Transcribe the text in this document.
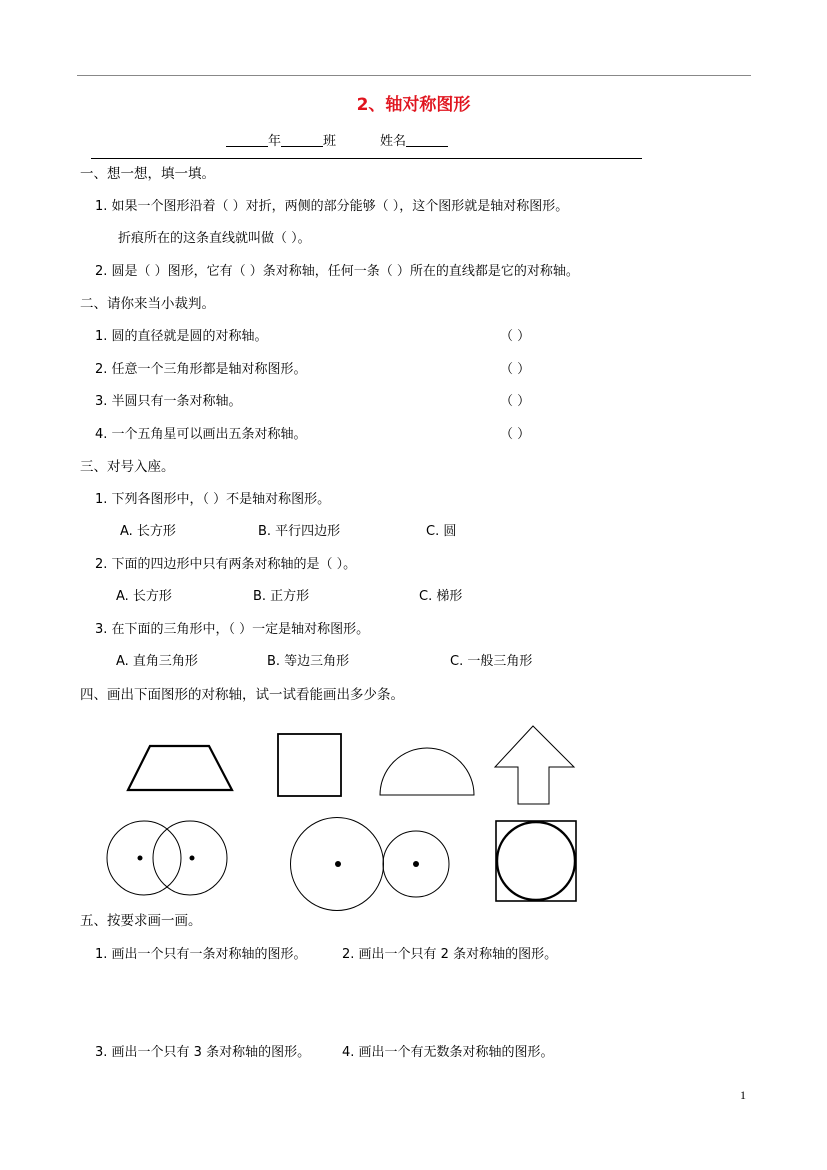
2、轴对称图形
年	班	姓名
一、想一想，填一填。
1. 如果一个图形沿着（ ）对折，两侧的部分能够（ ），这个图形就是轴对称图形。
折痕所在的这条直线就叫做（ ）。
2. 圆是（ ）图形，它有（ ）条对称轴，任何一条（ ）所在的直线都是它的对称轴。
二、请你来当小裁判。
1. 圆的直径就是圆的对称轴。	（ ）
2. 任意一个三角形都是轴对称图形。	（ ）
3. 半圆只有一条对称轴。	（ ）
4. 一个五角星可以画出五条对称轴。	（ ）
三、对号入座。
1. 下列各图形中，（ ）不是轴对称图形。
A. 长方形	B. 平行四边形	C. 圆
2. 下面的四边形中只有两条对称轴的是（ ）。
A. 长方形	B. 正方形	C. 梯形
3. 在下面的三角形中，（ ）一定是轴对称图形。
A. 直角三角形	B. 等边三角形	C. 一般三角形
四、画出下面图形的对称轴，试一试看能画出多少条。
五、按要求画一画。
1. 画出一个只有一条对称轴的图形。	2. 画出一个只有 2 条对称轴的图形。
3. 画出一个只有 3 条对称轴的图形。 4. 画出一个有无数条对称轴的图形。
1
